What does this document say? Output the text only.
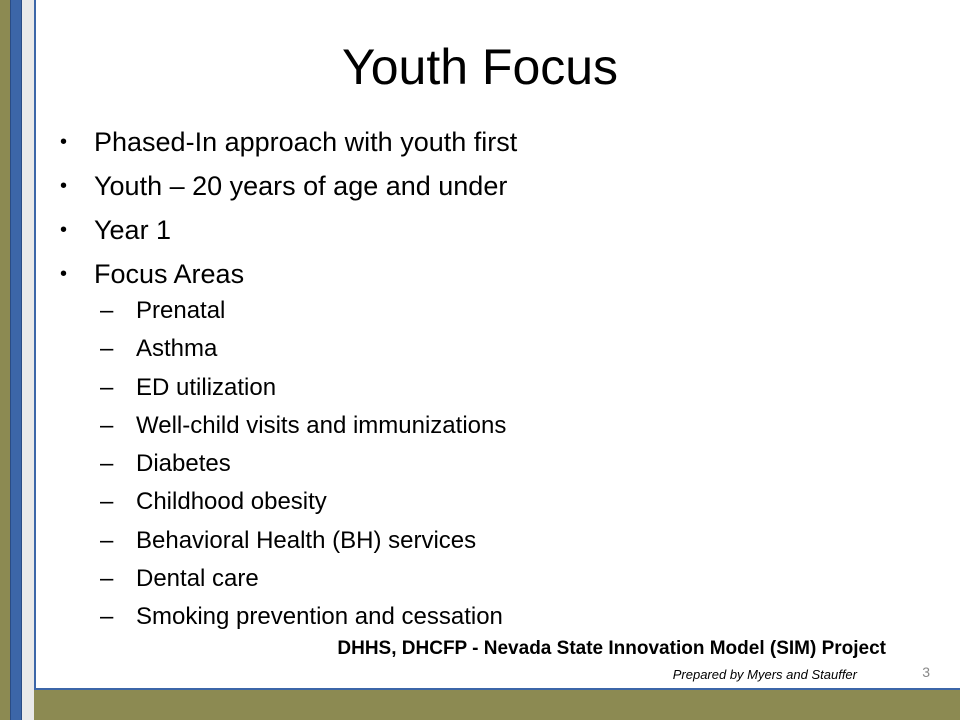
Youth Focus
• Phased-In approach with youth first
• Youth – 20 years of age and under
• Year 1
• Focus Areas
– Prenatal
– Asthma
– ED utilization
– Well-child visits and immunizations
– Diabetes
– Childhood obesity
– Behavioral Health (BH) services
– Dental care
– Smoking prevention and cessation
DHHS, DHCFP - Nevada State Innovation Model (SIM) Project
Prepared by Myers and Stauffer	3
